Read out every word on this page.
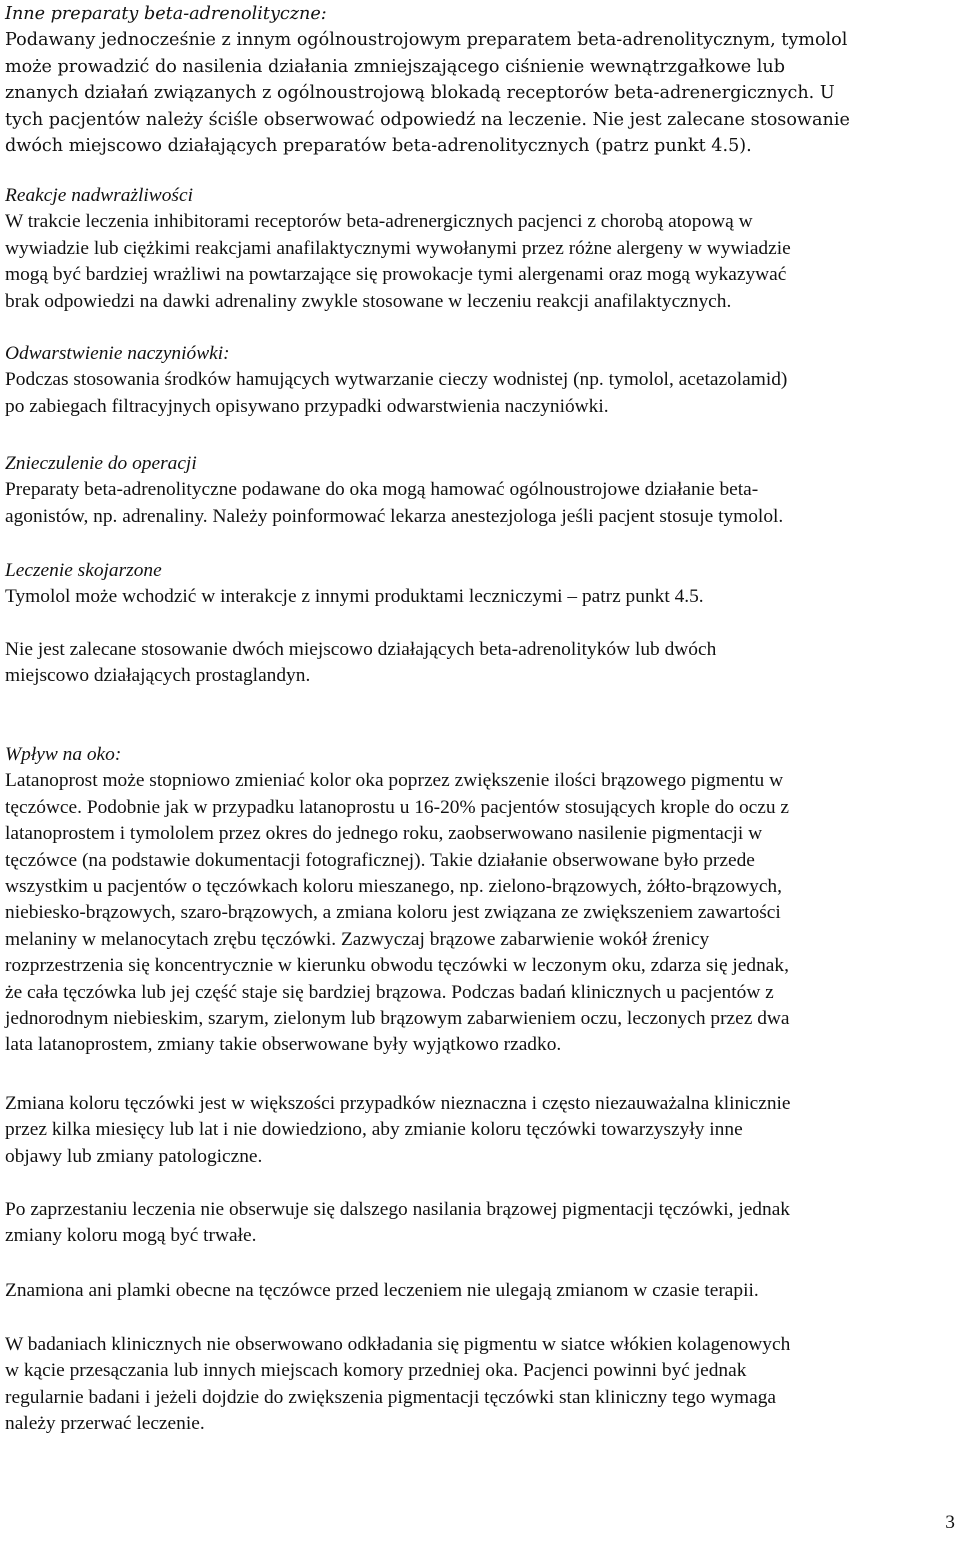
Inne preparaty beta-adrenolityczne:
Podawany jednocześnie z innym ogólnoustrojowym preparatem beta-adrenolitycznym, tymolol
może prowadzić do nasilenia działania zmniejszającego ciśnienie wewnątrzgałkowe lub
znanych działań związanych z ogólnoustrojową blokadą receptorów beta-adrenergicznych. U
tych pacjentów należy ściśle obserwować odpowiedź na leczenie. Nie jest zalecane stosowanie
dwóch miejscowo działających preparatów beta-adrenolitycznych (patrz punkt 4.5).
Reakcje nadwrażliwości
W trakcie leczenia inhibitorami receptorów beta-adrenergicznych pacjenci z chorobą atopową w
wywiadzie lub ciężkimi reakcjami anafilaktycznymi wywołanymi przez różne alergeny w wywiadzie
mogą być bardziej wrażliwi na powtarzające się prowokacje tymi alergenami oraz mogą wykazywać
brak odpowiedzi na dawki adrenaliny zwykle stosowane w leczeniu reakcji anafilaktycznych.
Odwarstwienie naczyniówki:
Podczas stosowania środków hamujących wytwarzanie cieczy wodnistej (np. tymolol, acetazolamid)
po zabiegach filtracyjnych opisywano przypadki odwarstwienia naczyniówki.
Znieczulenie do operacji
Preparaty beta-adrenolityczne podawane do oka mogą hamować ogólnoustrojowe działanie beta-
agonistów, np. adrenaliny. Należy poinformować lekarza anestezjologa jeśli pacjent stosuje tymolol.
Leczenie skojarzone
Tymolol może wchodzić w interakcje z innymi produktami leczniczymi – patrz punkt 4.5.
Nie jest zalecane stosowanie dwóch miejscowo działających beta-adrenolityków lub dwóch
miejscowo działających prostaglandyn.
Wpływ na oko:
Latanoprost może stopniowo zmieniać kolor oka poprzez zwiększenie ilości brązowego pigmentu w
tęczówce. Podobnie jak w przypadku latanoprostu u 16-20% pacjentów stosujących krople do oczu z
latanoprostem i tymololem przez okres do jednego roku, zaobserwowano nasilenie pigmentacji w
tęczówce (na podstawie dokumentacji fotograficznej). Takie działanie obserwowane było przede
wszystkim u pacjentów o tęczówkach koloru mieszanego, np. zielono-brązowych, żółto-brązowych,
niebiesko-brązowych, szaro-brązowych, a zmiana koloru jest związana ze zwiększeniem zawartości
melaniny w melanocytach zrębu tęczówki. Zazwyczaj brązowe zabarwienie wokół źrenicy
rozprzestrzenia się koncentrycznie w kierunku obwodu tęczówki w leczonym oku, zdarza się jednak,
że cała tęczówka lub jej część staje się bardziej brązowa. Podczas badań klinicznych u pacjentów z
jednorodnym niebieskim, szarym, zielonym lub brązowym zabarwieniem oczu, leczonych przez dwa
lata latanoprostem, zmiany takie obserwowane były wyjątkowo rzadko.
Zmiana koloru tęczówki jest w większości przypadków nieznaczna i często niezauważalna klinicznie
przez kilka miesięcy lub lat i nie dowiedziono, aby zmianie koloru tęczówki towarzyszyły inne
objawy lub zmiany patologiczne.
Po zaprzestaniu leczenia nie obserwuje się dalszego nasilania brązowej pigmentacji tęczówki, jednak
zmiany koloru mogą być trwałe.
Znamiona ani plamki obecne na tęczówce przed leczeniem nie ulegają zmianom w czasie terapii.
W badaniach klinicznych nie obserwowano odkładania się pigmentu w siatce włókien kolagenowych
w kącie przesączania lub innych miejscach komory przedniej oka. Pacjenci powinni być jednak
regularnie badani i jeżeli dojdzie do zwiększenia pigmentacji tęczówki stan kliniczny tego wymaga
należy przerwać leczenie.
3
